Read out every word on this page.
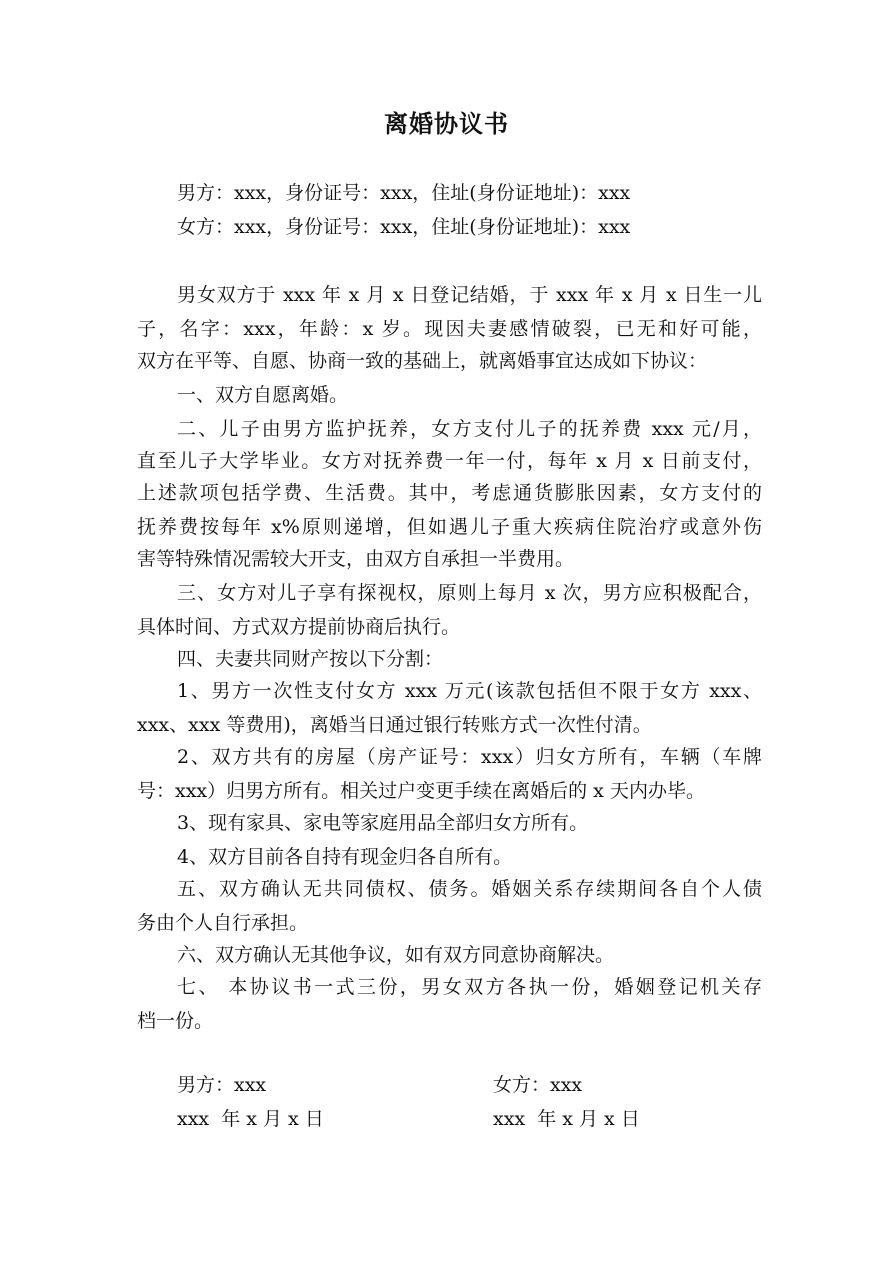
离婚协议书
男方：xxx，身份证号：xxx，住址(身份证地址)：xxx
女方：xxx，身份证号：xxx，住址(身份证地址)：xxx
男女双方于 xxx 年 x 月 x 日登记结婚，于 xxx 年 x 月 x 日生一儿
子，名字：xxx，年龄：x 岁。现因夫妻感情破裂，已无和好可能，
双方在平等、自愿、协商一致的基础上，就离婚事宜达成如下协议：
一、双方自愿离婚。
二、儿子由男方监护抚养，女方支付儿子的抚养费 xxx 元/月，
直至儿子大学毕业。女方对抚养费一年一付，每年 x 月 x 日前支付，
上述款项包括学费、生活费。其中，考虑通货膨胀因素，女方支付的
抚养费按每年 x%原则递增，但如遇儿子重大疾病住院治疗或意外伤
害等特殊情况需较大开支，由双方自承担一半费用。
三、女方对儿子享有探视权，原则上每月 x 次，男方应积极配合，
具体时间、方式双方提前协商后执行。
四、夫妻共同财产按以下分割：
1、男方一次性支付女方 xxx 万元(该款包括但不限于女方 xxx、
xxx、xxx 等费用)，离婚当日通过银行转账方式一次性付清。
2、双方共有的房屋（房产证号：xxx）归女方所有，车辆（车牌
号：xxx）归男方所有。相关过户变更手续在离婚后的 x 天内办毕。
3、现有家具、家电等家庭用品全部归女方所有。
4、双方目前各自持有现金归各自所有。
五、双方确认无共同债权、债务。婚姻关系存续期间各自个人债
务由个人自行承担。
六、双方确认无其他争议，如有双方同意协商解决。
七、 本协议书一式三份，男女双方各执一份，婚姻登记机关存
档一份。
男方：xxx	女方：xxx
xxx  年 x 月 x 日	xxx  年 x 月 x 日
